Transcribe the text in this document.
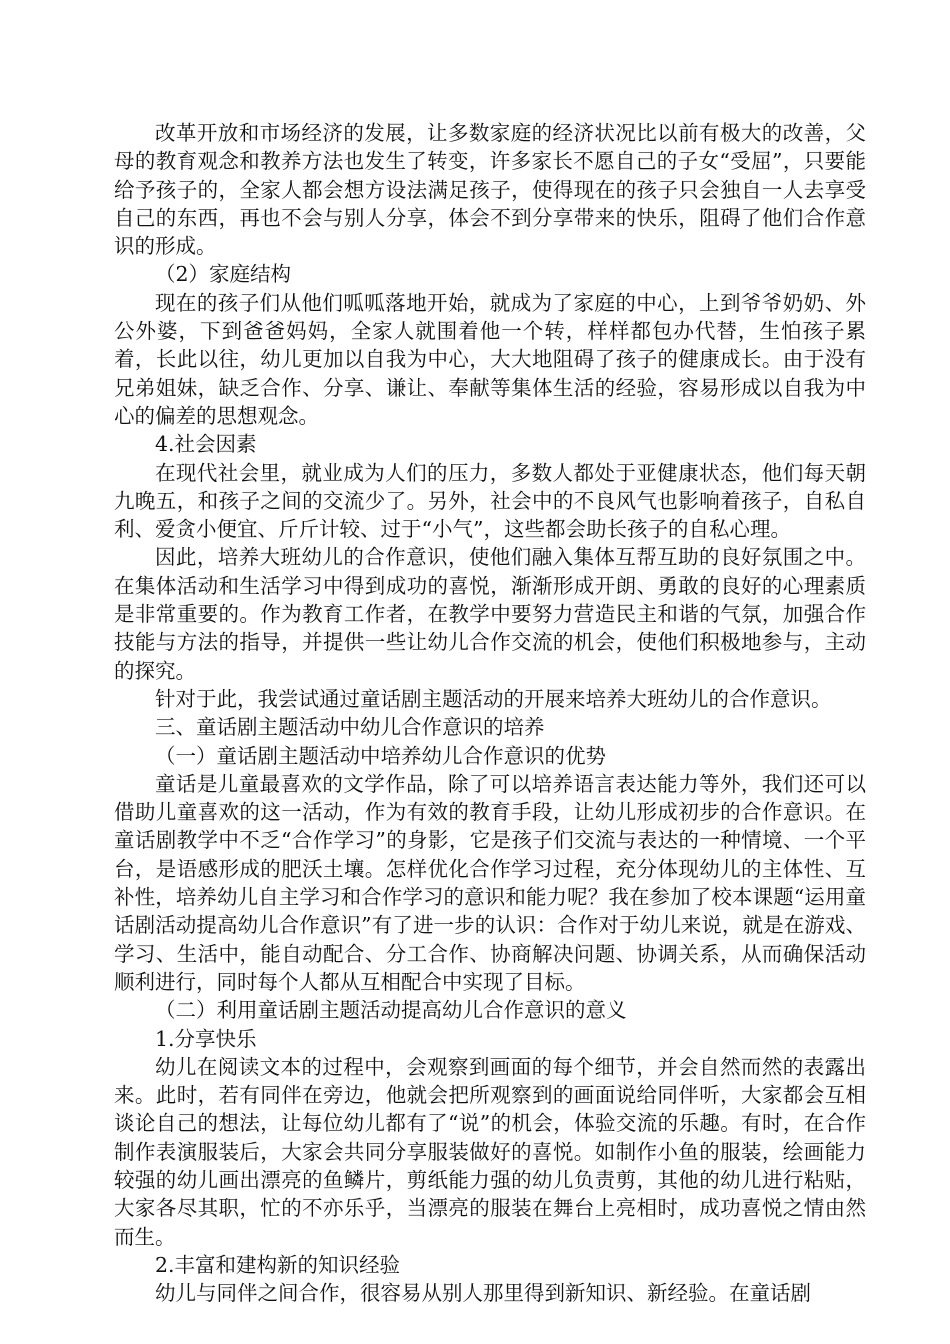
改革开放和市场经济的发展，让多数家庭的经济状况比以前有极大的改善，父母的教育观念和教养方法也发生了转变，许多家长不愿自己的子女“受屈”，只要能给予孩子的，全家人都会想方设法满足孩子，使得现在的孩子只会独自一人去享受自己的东西，再也不会与别人分享，体会不到分享带来的快乐，阻碍了他们合作意识的形成。

（2）家庭结构

现在的孩子们从他们呱呱落地开始，就成为了家庭的中心，上到爷爷奶奶、外公外婆，下到爸爸妈妈，全家人就围着他一个转，样样都包办代替，生怕孩子累着，长此以往，幼儿更加以自我为中心，大大地阻碍了孩子的健康成长。由于没有兄弟姐妹，缺乏合作、分享、谦让、奉献等集体生活的经验，容易形成以自我为中心的偏差的思想观念。

4.社会因素

在现代社会里，就业成为人们的压力，多数人都处于亚健康状态，他们每天朝九晚五，和孩子之间的交流少了。另外，社会中的不良风气也影响着孩子，自私自利、爱贪小便宜、斤斤计较、过于“小气”，这些都会助长孩子的自私心理。

因此，培养大班幼儿的合作意识，使他们融入集体互帮互助的良好氛围之中。在集体活动和生活学习中得到成功的喜悦，渐渐形成开朗、勇敢的良好的心理素质是非常重要的。作为教育工作者，在教学中要努力营造民主和谐的气氛，加强合作技能与方法的指导，并提供一些让幼儿合作交流的机会，使他们积极地参与，主动的探究。

针对于此，我尝试通过童话剧主题活动的开展来培养大班幼儿的合作意识。

三、童话剧主题活动中幼儿合作意识的培养

（一）童话剧主题活动中培养幼儿合作意识的优势

童话是儿童最喜欢的文学作品，除了可以培养语言表达能力等外，我们还可以借助儿童喜欢的这一活动，作为有效的教育手段，让幼儿形成初步的合作意识。在童话剧教学中不乏“合作学习”的身影，它是孩子们交流与表达的一种情境、一个平台，是语感形成的肥沃土壤。怎样优化合作学习过程，充分体现幼儿的主体性、互补性，培养幼儿自主学习和合作学习的意识和能力呢？我在参加了校本课题“运用童话剧活动提高幼儿合作意识”有了进一步的认识：合作对于幼儿来说，就是在游戏、学习、生活中，能自动配合、分工合作、协商解决问题、协调关系，从而确保活动顺利进行，同时每个人都从互相配合中实现了目标。

（二）利用童话剧主题活动提高幼儿合作意识的意义

1.分享快乐

幼儿在阅读文本的过程中，会观察到画面的每个细节，并会自然而然的表露出来。此时，若有同伴在旁边，他就会把所观察到的画面说给同伴听，大家都会互相谈论自己的想法，让每位幼儿都有了“说”的机会，体验交流的乐趣。有时，在合作制作表演服装后，大家会共同分享服装做好的喜悦。如制作小鱼的服装，绘画能力较强的幼儿画出漂亮的鱼鳞片，剪纸能力强的幼儿负责剪，其他的幼儿进行粘贴，大家各尽其职，忙的不亦乐乎，当漂亮的服装在舞台上亮相时，成功喜悦之情由然而生。

2.丰富和建构新的知识经验

幼儿与同伴之间合作，很容易从别人那里得到新知识、新经验。在童话剧
